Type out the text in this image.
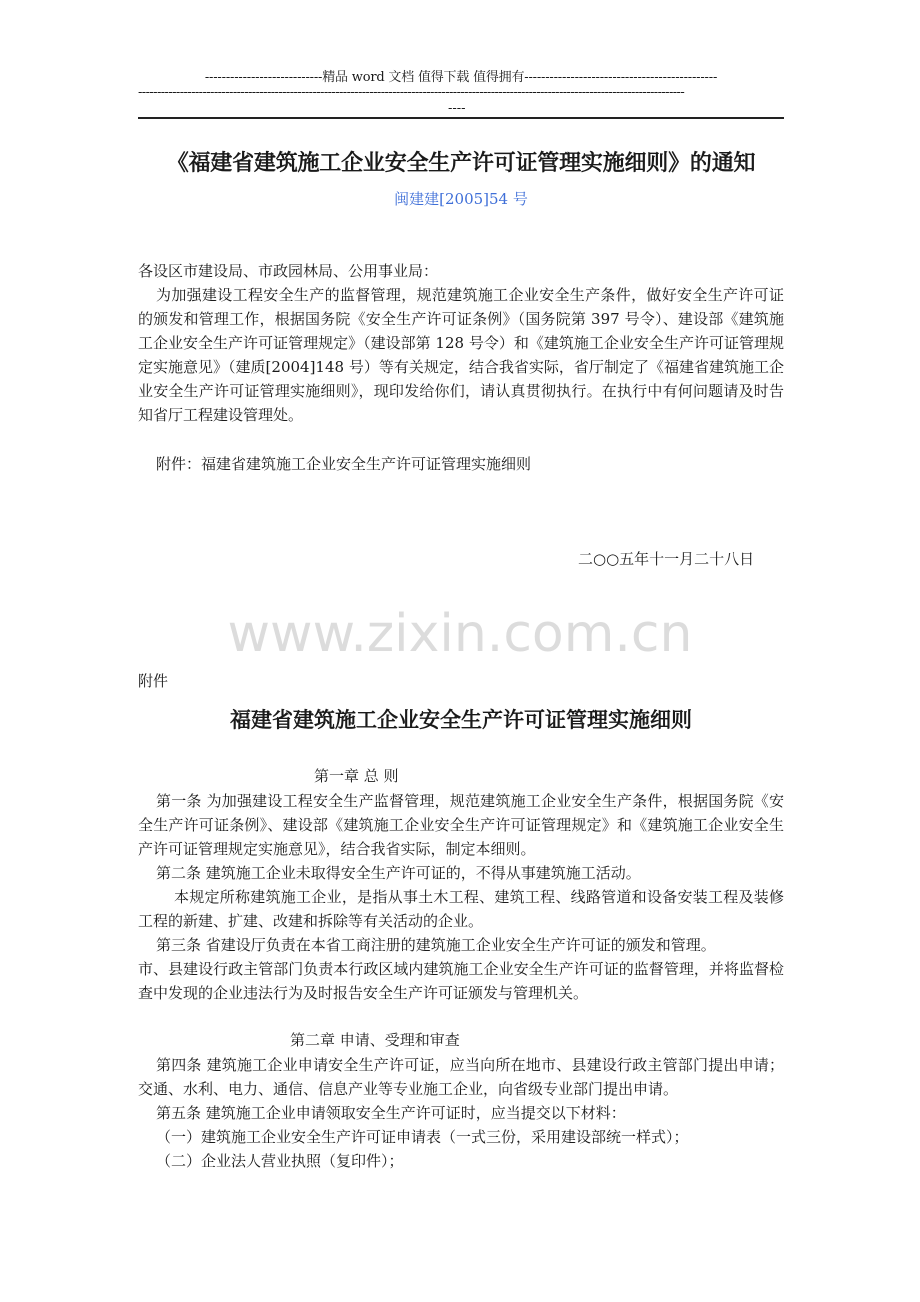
----------------------------精品 word 文档 值得下载 值得拥有----------------------------------------------
------------------------------------------------------------------------------------------------------------------------------------------------
----
《福建省建筑施工企业安全生产许可证管理实施细则》的通知
闽建建[2005]54 号

各设区市建设局、市政园林局、公用事业局：

为加强建设工程安全生产的监督管理，规范建筑施工企业安全生产条件，做好安全生产许可证的颁发和管理工作，根据国务院《安全生产许可证条例》（国务院第 397 号令）、建设部《建筑施工企业安全生产许可证管理规定》（建设部第 128 号令）和《建筑施工企业安全生产许可证管理规定实施意见》（建质[2004]148 号）等有关规定，结合我省实际，省厅制定了《福建省建筑施工企业安全生产许可证管理实施细则》，现印发给你们，请认真贯彻执行。在执行中有何问题请及时告知省厅工程建设管理处。

附件：福建省建筑施工企业安全生产许可证管理实施细则

二○○五年十一月二十八日
www.zixin.com.cn
附件
福建省建筑施工企业安全生产许可证管理实施细则
第一章 总 则

第一条 为加强建设工程安全生产监督管理，规范建筑施工企业安全生产条件，根据国务院《安全生产许可证条例》、建设部《建筑施工企业安全生产许可证管理规定》和《建筑施工企业安全生产许可证管理规定实施意见》，结合我省实际，制定本细则。

第二条 建筑施工企业未取得安全生产许可证的，不得从事建筑施工活动。

本规定所称建筑施工企业，是指从事土木工程、建筑工程、线路管道和设备安装工程及装修工程的新建、扩建、改建和拆除等有关活动的企业。

第三条 省建设厅负责在本省工商注册的建筑施工企业安全生产许可证的颁发和管理。

市、县建设行政主管部门负责本行政区域内建筑施工企业安全生产许可证的监督管理，并将监督检查中发现的企业违法行为及时报告安全生产许可证颁发与管理机关。

第二章 申请、受理和审查

第四条 建筑施工企业申请安全生产许可证，应当向所在地市、县建设行政主管部门提出申请；交通、水利、电力、通信、信息产业等专业施工企业，向省级专业部门提出申请。

第五条 建筑施工企业申请领取安全生产许可证时，应当提交以下材料：

（一）建筑施工企业安全生产许可证申请表（一式三份，采用建设部统一样式）；

（二）企业法人营业执照（复印件）；
